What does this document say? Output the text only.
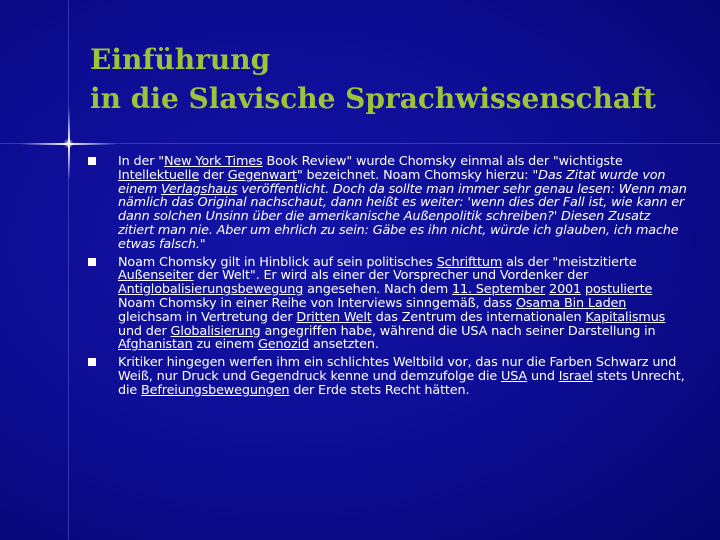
Einführung
in die Slavische Sprachwissenschaft
In der "New York Times Book Review" wurde Chomsky einmal als der "wichtigste Intellektuelle der Gegenwart" bezeichnet. Noam Chomsky hierzu: "Das Zitat wurde von einem Verlagshaus veröffentlicht. Doch da sollte man immer sehr genau lesen: Wenn man nämlich das Original nachschaut, dann heißt es weiter: 'wenn dies der Fall ist, wie kann er dann solchen Unsinn über die amerikanische Außenpolitik schreiben?' Diesen Zusatz zitiert man nie. Aber um ehrlich zu sein: Gäbe es ihn nicht, würde ich glauben, ich mache etwas falsch."
Noam Chomsky gilt in Hinblick auf sein politisches Schrifttum als der "meistzitierte Außenseiter der Welt". Er wird als einer der Vorsprecher und Vordenker der Antiglobalisierungsbewegung angesehen. Nach dem 11. September 2001 postulierte Noam Chomsky in einer Reihe von Interviews sinngemäß, dass Osama Bin Laden gleichsam in Vertretung der Dritten Welt das Zentrum des internationalen Kapitalismus und der Globalisierung angegriffen habe, während die USA nach seiner Darstellung in Afghanistan zu einem Genozid ansetzten.
Kritiker hingegen werfen ihm ein schlichtes Weltbild vor, das nur die Farben Schwarz und Weiß, nur Druck und Gegendruck kenne und demzufolge die USA und Israel stets Unrecht, die Befreiungsbewegungen der Erde stets Recht hätten.
